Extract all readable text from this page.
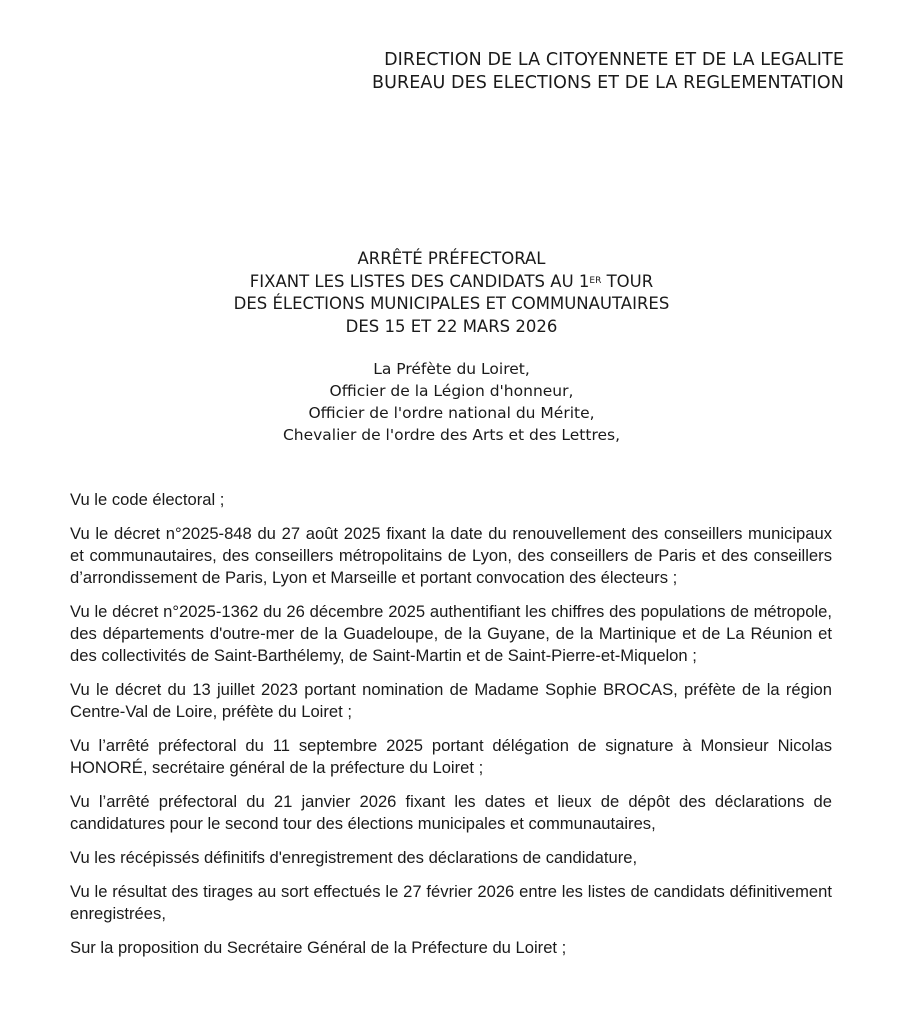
DIRECTION DE LA CITOYENNETE ET DE LA LEGALITE
BUREAU DES ELECTIONS ET DE LA REGLEMENTATION
ARRÊTÉ PRÉFECTORAL
FIXANT LES LISTES DES CANDIDATS AU 1ER TOUR
DES ÉLECTIONS MUNICIPALES ET COMMUNAUTAIRES
DES 15 ET 22 MARS 2026
La Préfète du Loiret,
Officier de la Légion d'honneur,
Officier de l'ordre national du Mérite,
Chevalier de l'ordre des Arts et des Lettres,

Vu le code électoral ;

Vu le décret n°2025-848 du 27 août 2025 fixant la date du renouvellement des conseillers municipaux et communautaires, des conseillers métropolitains de Lyon, des conseillers de Paris et des conseillers d’arrondissement de Paris, Lyon et Marseille et portant convocation des électeurs ;

Vu le décret n°2025-1362 du 26 décembre 2025 authentifiant les chiffres des populations de métropole, des départements d'outre-mer de la Guadeloupe, de la Guyane, de la Martinique et de La Réunion et des collectivités de Saint-Barthélemy, de Saint-Martin et de Saint-Pierre-et-Miquelon ;

Vu le décret du 13 juillet 2023 portant nomination de Madame Sophie BROCAS, préfète de la région Centre-Val de Loire, préfète du Loiret ;

Vu l’arrêté préfectoral du 11 septembre 2025 portant délégation de signature à Monsieur Nicolas HONORÉ, secrétaire général de la préfecture du Loiret ;

Vu l’arrêté préfectoral du 21 janvier 2026 fixant les dates et lieux de dépôt des déclarations de candidatures pour le second tour des élections municipales et communautaires,

Vu les récépissés définitifs d'enregistrement des déclarations de candidature,

Vu le résultat des tirages au sort effectués le 27 février 2026 entre les listes de candidats définitivement enregistrées,

Sur la proposition du Secrétaire Général de la Préfecture du Loiret ;
